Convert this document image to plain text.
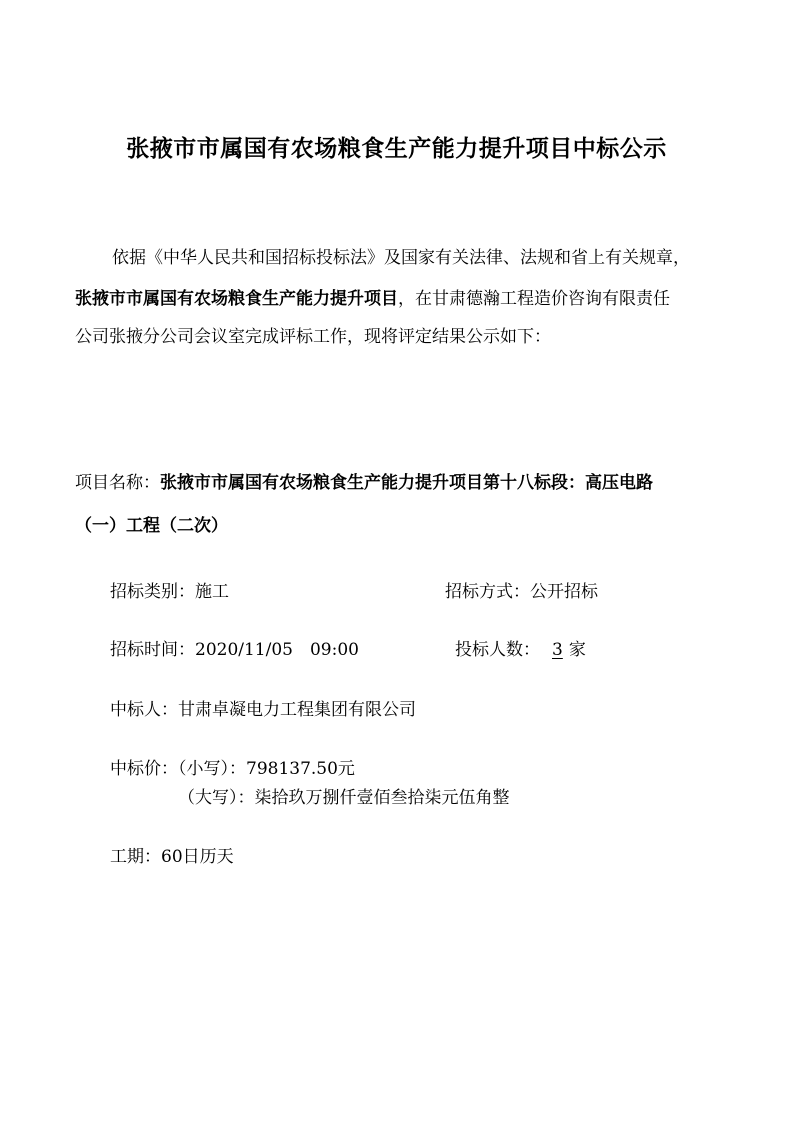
张掖市市属国有农场粮食生产能力提升项目中标公示
依据《中华人民共和国招标投标法》及国家有关法律、法规和省上有关规章，
张掖市市属国有农场粮食生产能力提升项目，在甘肃德瀚工程造价咨询有限责任
公司张掖分公司会议室完成评标工作，现将评定结果公示如下：
项目名称：张掖市市属国有农场粮食生产能力提升项目第十八标段：高压电路
（一）工程（二次）
招标类别：施工	招标方式：公开招标
招标时间：2020/11/05　09:00	投标人数： 3 家
中标人：甘肃卓凝电力工程集团有限公司
中标价：（小写）：798137.50元
（大写）：柒拾玖万捌仟壹佰叁拾柒元伍角整
工期：60日历天
